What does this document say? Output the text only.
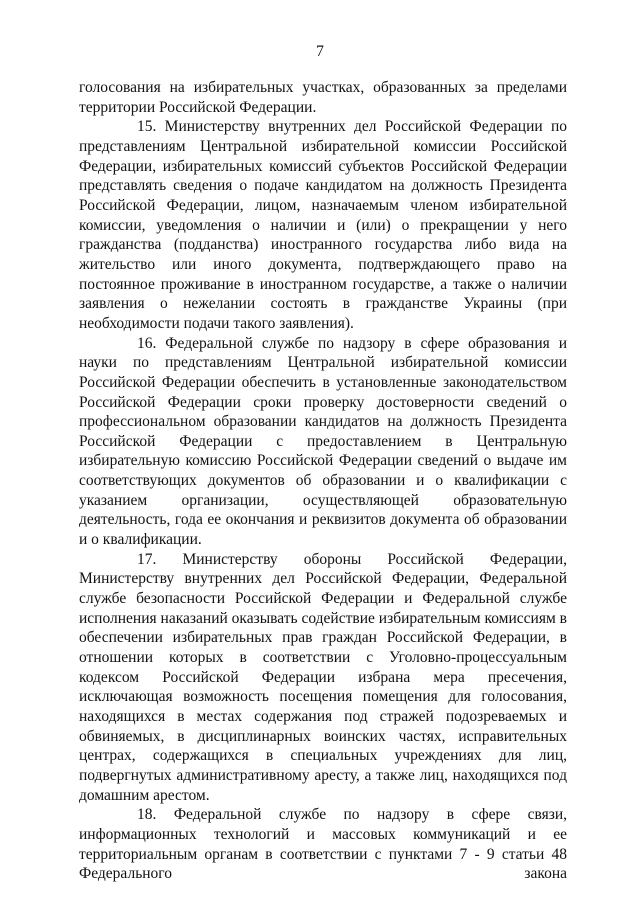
7

голосования на избирательных участках, образованных за пределами территории Российской Федерации.

15. Министерству внутренних дел Российской Федерации по представлениям Центральной избирательной комиссии Российской Федерации, избирательных комиссий субъектов Российской Федерации представлять сведения о подаче кандидатом на должность Президента Российской Федерации, лицом, назначаемым членом избирательной комиссии, уведомления о наличии и (или) о прекращении у него гражданства (подданства) иностранного государства либо вида на жительство или иного документа, подтверждающего право на постоянное проживание в иностранном государстве, а также о наличии заявления о нежелании состоять в гражданстве Украины (при необходимости подачи такого заявления).

16. Федеральной службе по надзору в сфере образования и науки по представлениям Центральной избирательной комиссии Российской Федерации обеспечить в установленные законодательством Российской Федерации сроки проверку достоверности сведений о профессиональном образовании кандидатов на должность Президента Российской Федерации с предоставлением в Центральную избирательную комиссию Российской Федерации сведений о выдаче им соответствующих документов об образовании и о квалификации с указанием организации, осуществляющей образовательную деятельность, года ее окончания и реквизитов документа об образовании и о квалификации.

17. Министерству обороны Российской Федерации, Министерству внутренних дел Российской Федерации, Федеральной службе безопасности Российской Федерации и Федеральной службе исполнения наказаний оказывать содействие избирательным комиссиям в обеспечении избирательных прав граждан Российской Федерации, в отношении которых в соответствии с Уголовно-процессуальным кодексом Российской Федерации избрана мера пресечения, исключающая возможность посещения помещения для голосования, находящихся в местах содержания под стражей подозреваемых и обвиняемых, в дисциплинарных воинских частях, исправительных центрах, содержащихся в специальных учреждениях для лиц, подвергнутых административному аресту, а также лиц, находящихся под домашним арестом.

18. Федеральной службе по надзору в сфере связи, информационных технологий и массовых коммуникаций и ее территориальным органам в соответствии с пунктами 7 - 9 статьи 48 Федерального закона
